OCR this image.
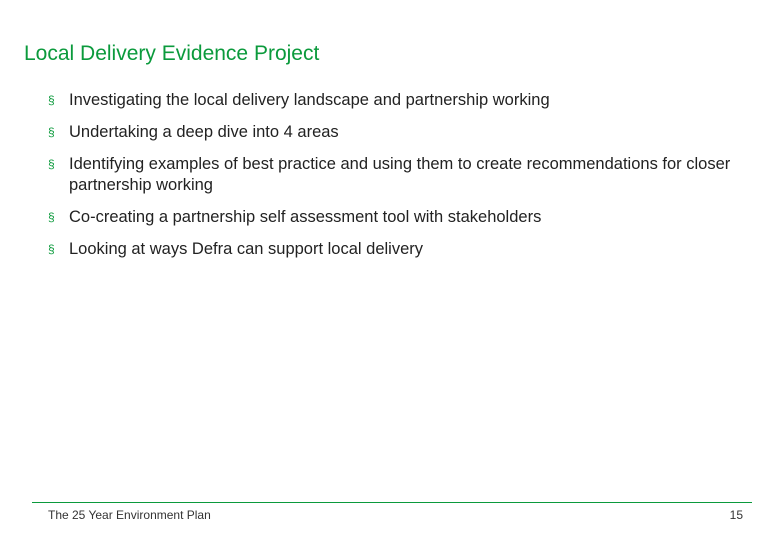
Local Delivery Evidence Project
§ Investigating the local delivery landscape and partnership working
§ Undertaking a deep dive into 4 areas
§ Identifying examples of best practice and using them to create recommendations for closer partnership working
§ Co-creating a partnership self assessment tool with stakeholders
§ Looking at ways Defra can support local delivery
The 25 Year Environment Plan	15
